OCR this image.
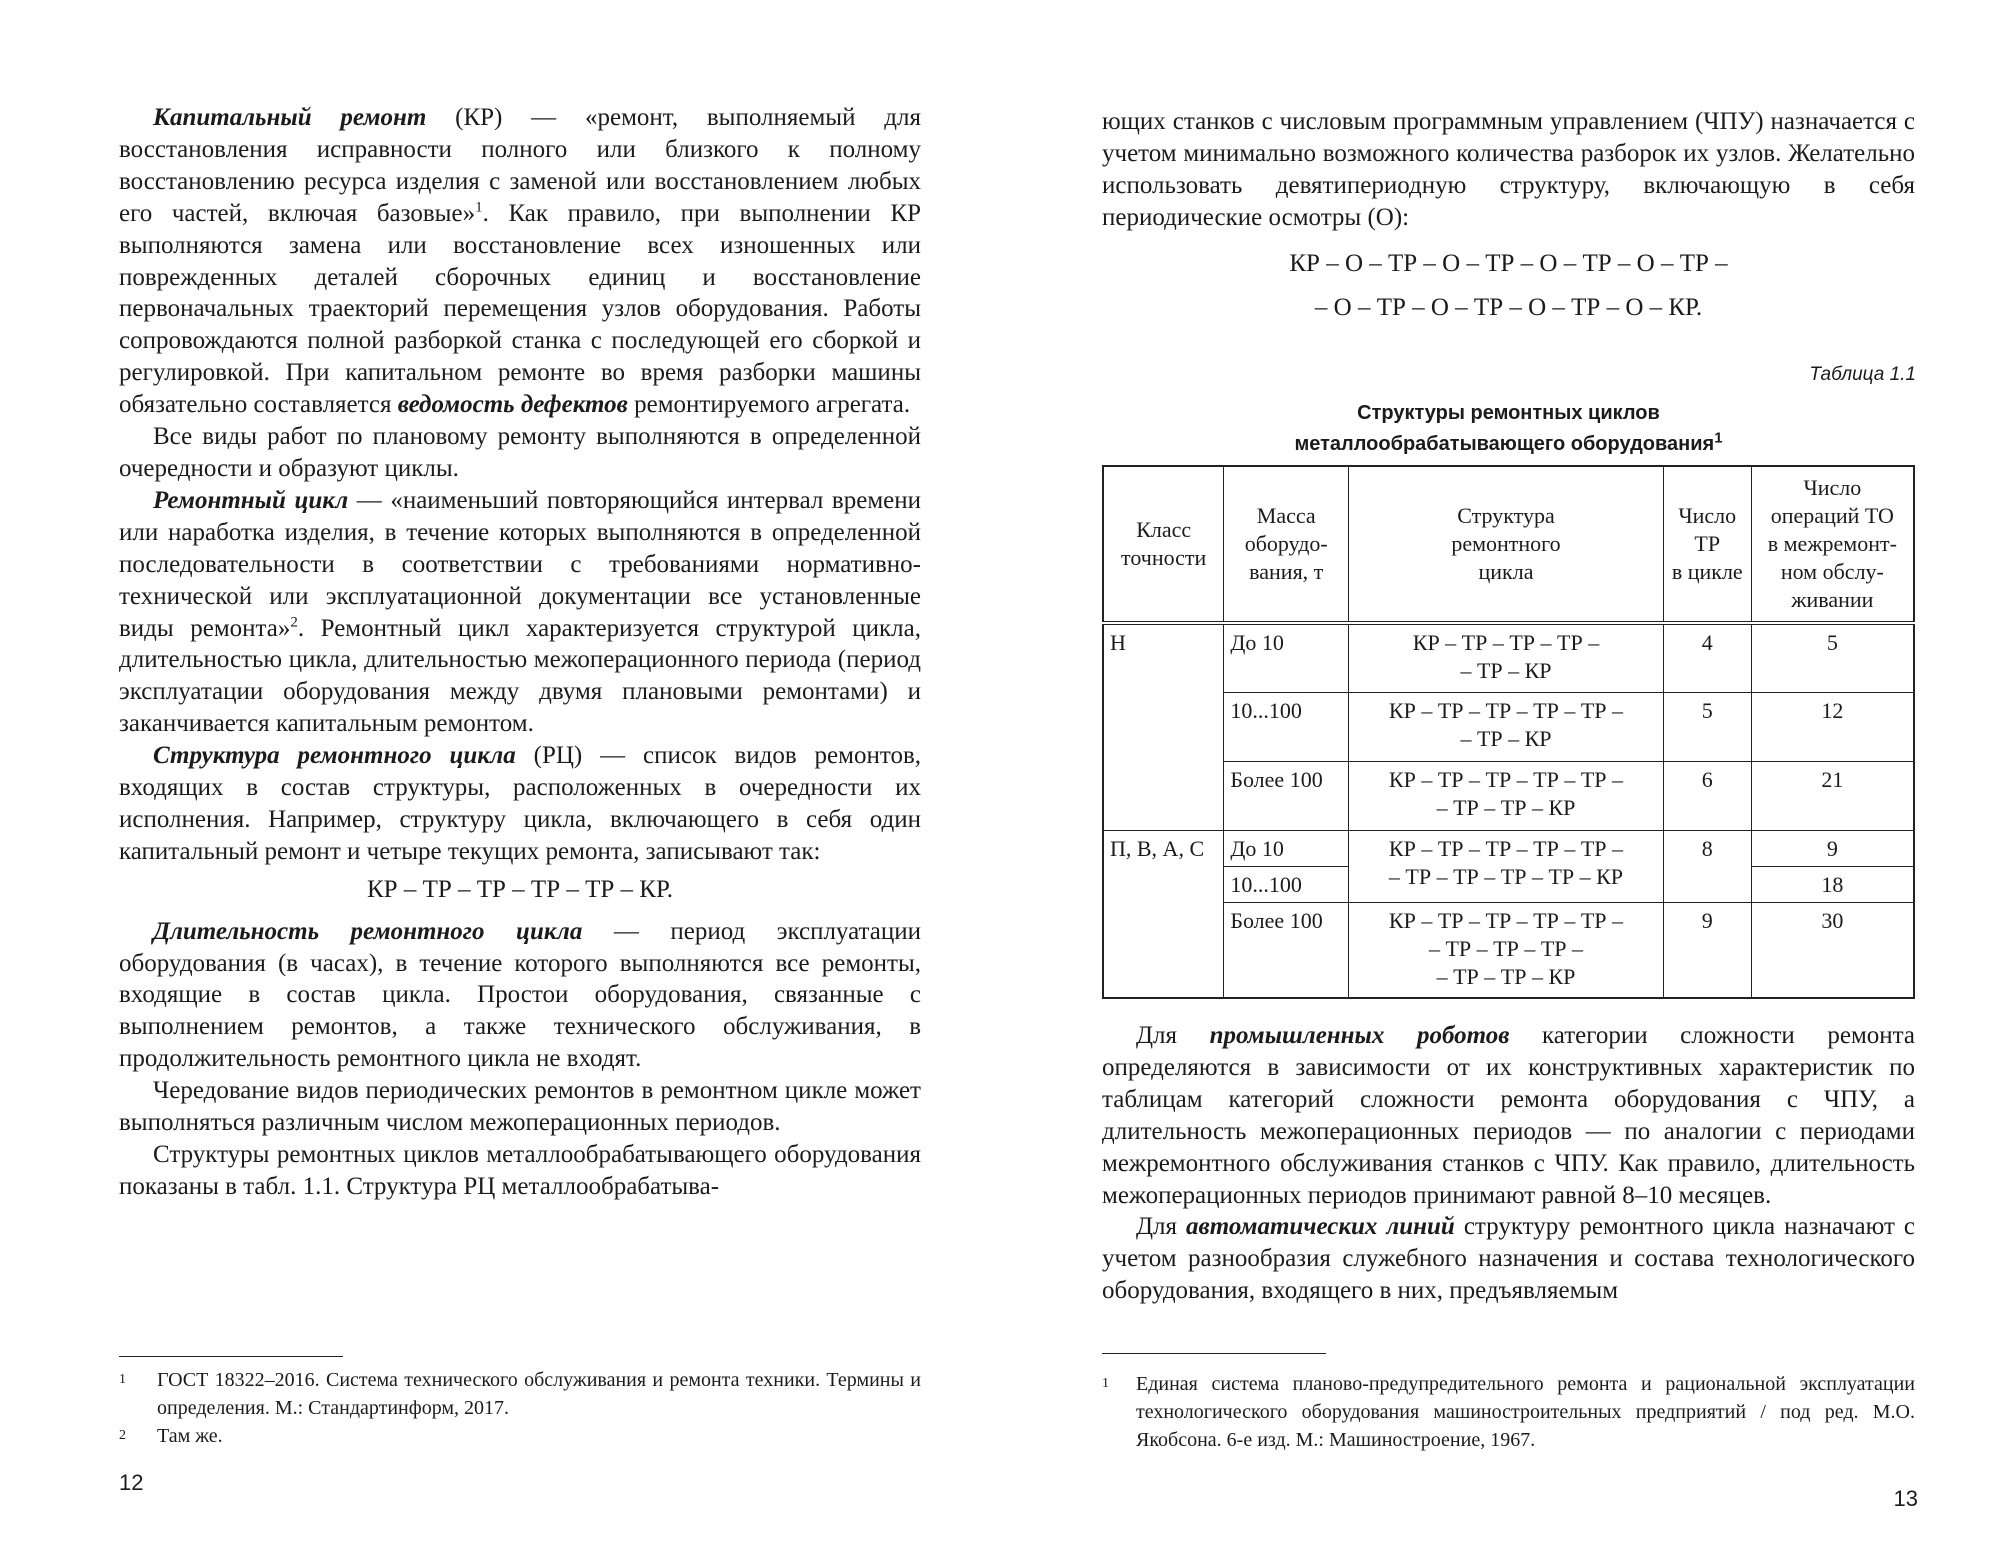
Капитальный ремонт (КР) — «ремонт, выполняемый для восстановления исправности полного или близкого к полному восстановлению ресурса изделия с заменой или восстановлением любых его частей, включая базовые»$^1$. Как правило, при выполнении КР выполняются замена или восстановление всех изношенных или поврежденных деталей сборочных единиц и восстановление первоначальных траекторий перемещения узлов оборудования. Работы сопровождаются полной разборкой станка с последующей его сборкой и регулировкой. При капитальном ремонте во время разборки машины обязательно составляется ведомость дефектов ремонтируемого агрегата.

Все виды работ по плановому ремонту выполняются в определенной очередности и образуют циклы.

Ремонтный цикл — «наименьший повторяющийся интервал времени или наработка изделия, в течение которых выполняются в определенной последовательности в соответствии с требованиями нормативно-технической или эксплуатационной документации все установленные виды ремонта»$^2$. Ремонтный цикл характеризуется структурой цикла, длительностью цикла, длительностью межоперационного периода (период эксплуатации оборудования между двумя плановыми ремонтами) и заканчивается капитальным ремонтом.

Структура ремонтного цикла (РЦ) — список видов ремонтов, входящих в состав структуры, расположенных в очередности их исполнения. Например, структуру цикла, включающего в себя один капитальный ремонт и четыре текущих ремонта, записывают так:

КР – ТР – ТР – ТР – ТР – КР.

Длительность ремонтного цикла — период эксплуатации оборудования (в часах), в течение которого выполняются все ремонты, входящие в состав цикла. Простои оборудования, связанные с выполнением ремонтов, а также технического обслуживания, в продолжительность ремонтного цикла не входят.

Чередование видов периодических ремонтов в ремонтном цикле может выполняться различным числом межоперационных периодов.

Структуры ремонтных циклов металлообрабатывающего оборудования показаны в табл. 1.1. Структура РЦ металлообрабатыва-

1	ГОСТ 18322–2016. Система технического обслуживания и ремонта техники. Термины и определения. М.: Стандартинформ, 2017.
2	Там же.
12

ющих станков с числовым программным управлением (ЧПУ) назначается с учетом минимально возможного количества разборок их узлов. Желательно использовать девятипериодную структуру, включающую в себя периодические осмотры (О):

КР – О – ТР – О – ТР – О – ТР – О – ТР –

– О – ТР – О – ТР – О – ТР – О – КР.

Таблица 1.1
Структуры ремонтных циклов
металлообрабатывающего оборудования$^1$
Класс
точности	Масса
оборудо-
вания, т	Структура
ремонтного
цикла	Число
ТР
в цикле	Число
операций ТО
в межремонт-
ном обслу-
живании
Н	До 10	КР – ТР – ТР – ТР –
– ТР – КР	4	5
	10...100	КР – ТР – ТР – ТР – ТР –
– ТР – КР	5	12
	Более 100	КР – ТР – ТР – ТР – ТР –
– ТР – ТР – КР	6	21
П, В, А, С	До 10	КР – ТР – ТР – ТР – ТР –
– ТР – ТР – ТР – ТР – КР	8	9
	10...100			18
	Более 100	КР – ТР – ТР – ТР – ТР –
– ТР – ТР – ТР –
– ТР – ТР – КР	9	30

Для промышленных роботов категории сложности ремонта определяются в зависимости от их конструктивных характеристик по таблицам категорий сложности ремонта оборудования с ЧПУ, а длительность межоперационных периодов — по аналогии с периодами межремонтного обслуживания станков с ЧПУ. Как правило, длительность межоперационных периодов принимают равной 8–10 месяцев.

Для автоматических линий структуру ремонтного цикла назначают с учетом разнообразия служебного назначения и состава технологического оборудования, входящего в них, предъявляемым

1	Единая система планово-предупредительного ремонта и рациональной эксплуатации технологического оборудования машиностроительных предприятий / под ред. М.О. Якобсона. 6-е изд. М.: Машиностроение, 1967.
13
